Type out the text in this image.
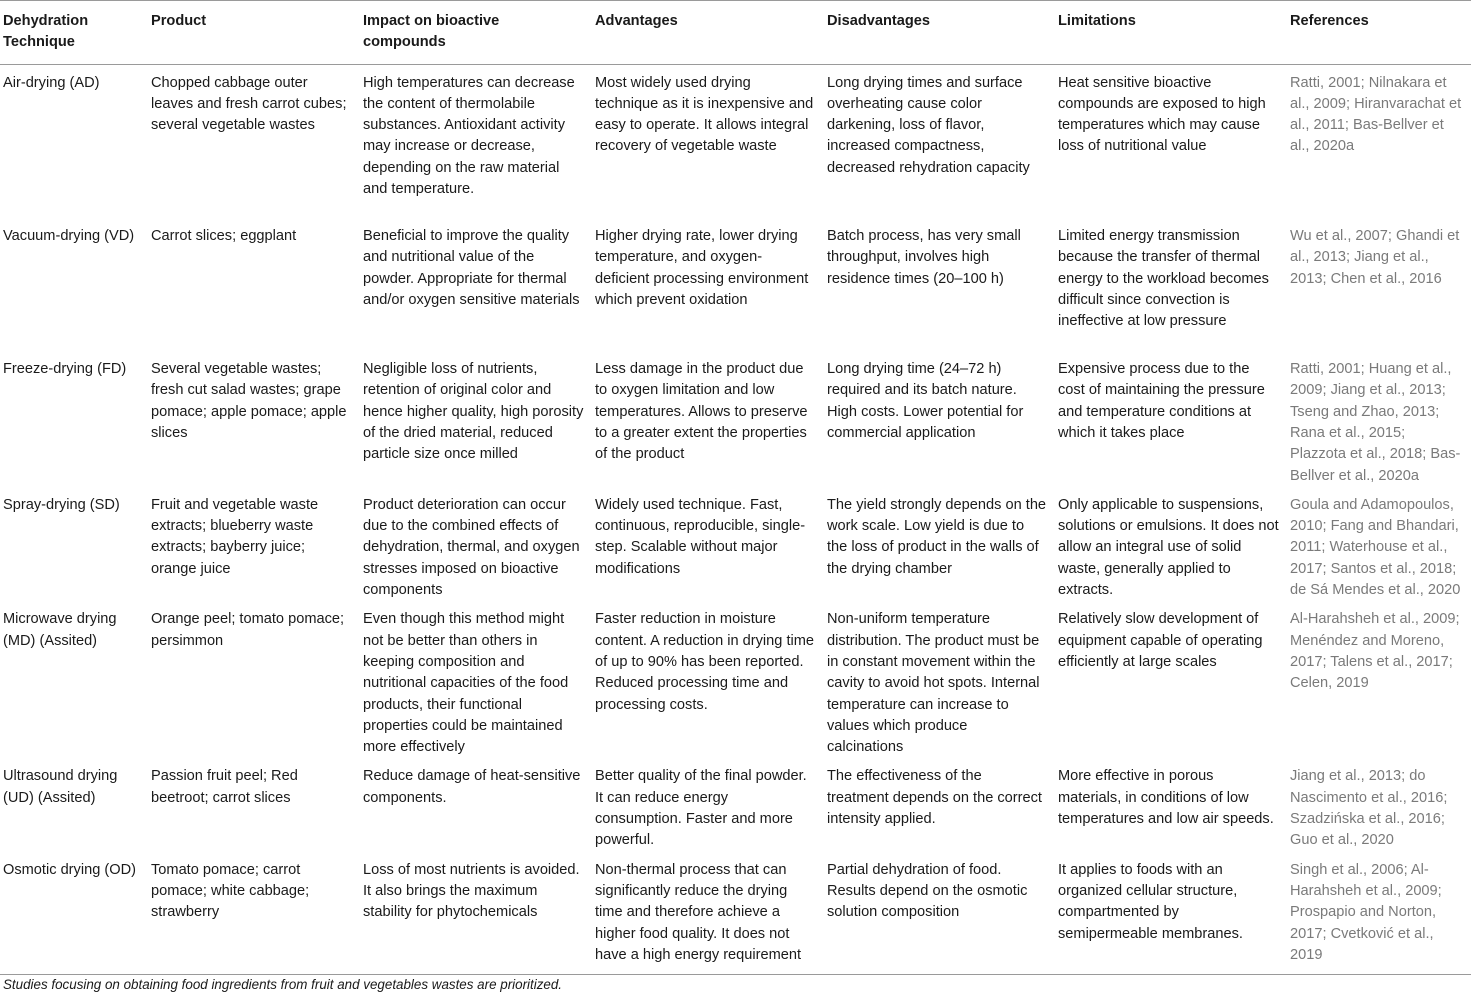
Dehydration Technique	Product	Impact on bioactive compounds	Advantages	Disadvantages	Limitations	References
Air-drying (AD)	Chopped cabbage outer leaves and fresh carrot cubes; several vegetable wastes	High temperatures can decrease the content of thermolabile substances. Antioxidant activity may increase or decrease, depending on the raw material and temperature.	Most widely used drying technique as it is inexpensive and easy to operate. It allows integral recovery of vegetable waste	Long drying times and surface overheating cause color darkening, loss of flavor, increased compactness, decreased rehydration capacity	Heat sensitive bioactive compounds are exposed to high temperatures which may cause loss of nutritional value	Ratti, 2001; Nilnakara et al., 2009; Hiranvarachat et al., 2011; Bas-Bellver et al., 2020a
Vacuum-drying (VD)	Carrot slices; eggplant	Beneficial to improve the quality and nutritional value of the powder. Appropriate for thermal and/or oxygen sensitive materials	Higher drying rate, lower drying temperature, and oxygen-deficient processing environment which prevent oxidation	Batch process, has very small throughput, involves high residence times (20–100 h)	Limited energy transmission because the transfer of thermal energy to the workload becomes difficult since convection is ineffective at low pressure	Wu et al., 2007; Ghandi et al., 2013; Jiang et al., 2013; Chen et al., 2016
Freeze-drying (FD)	Several vegetable wastes; fresh cut salad wastes; grape pomace; apple pomace; apple slices	Negligible loss of nutrients, retention of original color and hence higher quality, high porosity of the dried material, reduced particle size once milled	Less damage in the product due to oxygen limitation and low temperatures. Allows to preserve to a greater extent the properties of the product	Long drying time (24–72 h) required and its batch nature. High costs. Lower potential for commercial application	Expensive process due to the cost of maintaining the pressure and temperature conditions at which it takes place	Ratti, 2001; Huang et al., 2009; Jiang et al., 2013; Tseng and Zhao, 2013; Rana et al., 2015; Plazzota et al., 2018; Bas-Bellver et al., 2020a
Spray-drying (SD)	Fruit and vegetable waste extracts; blueberry waste extracts; bayberry juice; orange juice	Product deterioration can occur due to the combined effects of dehydration, thermal, and oxygen stresses imposed on bioactive components	Widely used technique. Fast, continuous, reproducible, single-step. Scalable without major modifications	The yield strongly depends on the work scale. Low yield is due to the loss of product in the walls of the drying chamber	Only applicable to suspensions, solutions or emulsions. It does not allow an integral use of solid waste, generally applied to extracts.	Goula and Adamopoulos, 2010; Fang and Bhandari, 2011; Waterhouse et al., 2017; Santos et al., 2018; de Sá Mendes et al., 2020
Microwave drying (MD) (Assited)	Orange peel; tomato pomace; persimmon	Even though this method might not be better than others in keeping composition and nutritional capacities of the food products, their functional properties could be maintained more effectively	Faster reduction in moisture content. A reduction in drying time of up to 90% has been reported. Reduced processing time and processing costs.	Non-uniform temperature distribution. The product must be in constant movement within the cavity to avoid hot spots. Internal temperature can increase to values which produce calcinations	Relatively slow development of equipment capable of operating efficiently at large scales	Al-Harahsheh et al., 2009; Menéndez and Moreno, 2017; Talens et al., 2017; Celen, 2019
Ultrasound drying (UD) (Assited)	Passion fruit peel; Red beetroot; carrot slices	Reduce damage of heat-sensitive components.	Better quality of the final powder. It can reduce energy consumption. Faster and more powerful.	The effectiveness of the treatment depends on the correct intensity applied.	More effective in porous materials, in conditions of low temperatures and low air speeds.	Jiang et al., 2013; do Nascimento et al., 2016; Szadzińska et al., 2016; Guo et al., 2020
Osmotic drying (OD)	Tomato pomace; carrot pomace; white cabbage; strawberry	Loss of most nutrients is avoided. It also brings the maximum stability for phytochemicals	Non-thermal process that can significantly reduce the drying time and therefore achieve a higher food quality. It does not have a high energy requirement	Partial dehydration of food. Results depend on the osmotic solution composition	It applies to foods with an organized cellular structure, compartmented by semipermeable membranes.	Singh et al., 2006; Al-Harahsheh et al., 2009; Prospapio and Norton, 2017; Cvetković et al., 2019
Studies focusing on obtaining food ingredients from fruit and vegetables wastes are prioritized.
